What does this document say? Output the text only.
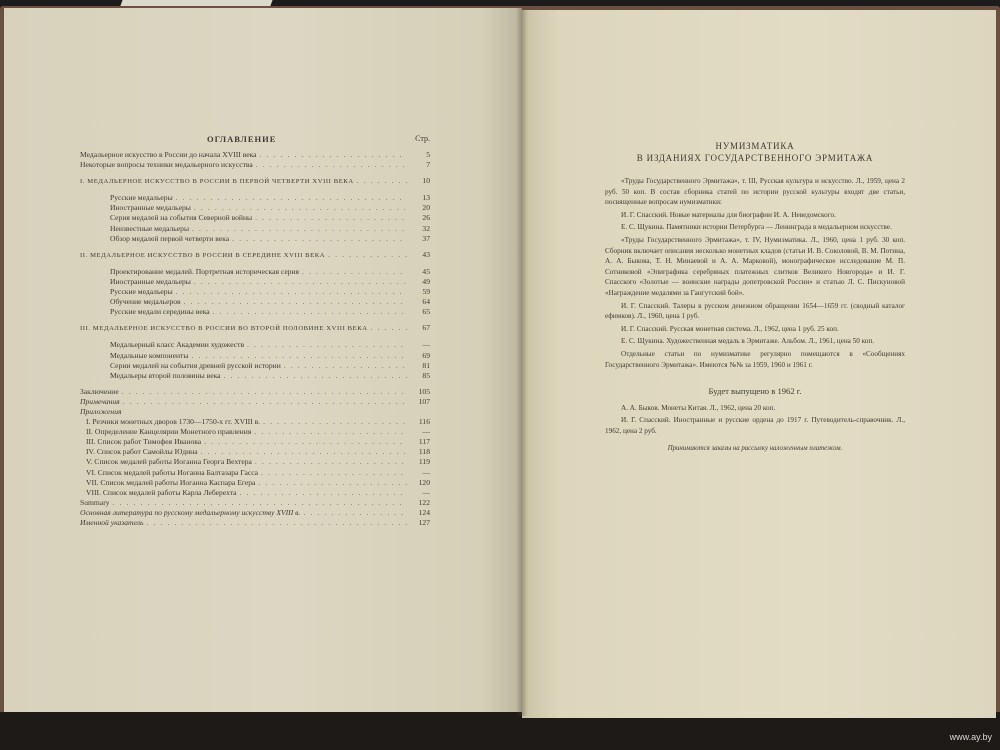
ОГЛАВЛЕНИЕ	Стр.
Медальерное искусство в России до начала XVIII века . . .	5
Некоторые вопросы техники медальерного искусства . . .	7
I. МЕДАЛЬЕРНОЕ ИСКУССТВО В РОССИИ В ПЕРВОЙ ЧЕТВЕРТИ XVIII ВЕКА . . .	10
Русские медальеры . . .	13
Иностранные медальеры . . .	20
Серия медалей на события Северной войны . . .	26
Неизвестные медальеры . . .	32
Обзор медалей первой четверти века . . .	37
II. МЕДАЛЬЕРНОЕ ИСКУССТВО В РОССИИ В СЕРЕДИНЕ XVIII ВЕКА . . .	43
Проектирование медалей. Портретная историческая серия . . .	45
Иностранные медальеры . . .	49
Русские медальеры . . .	59
Обучение медальеров . . .	64
Русские медали середины века . . .	65
III. МЕДАЛЬЕРНОЕ ИСКУССТВО В РОССИИ ВО ВТОРОЙ ПОЛОВИНЕ XVIII ВЕКА . . .	67
Медальерный класс Академии художеств . . .	—
Медальные компоненты . . .	69
Серии медалей на события древней русской истории . . .	81
Медальеры второй половины века . . .	85
Заключение . . .	105
Примечания . . .	107
Приложения
I. Резчики монетных дворов 1730—1750-х гг. XVIII в. . . .	116
II. Определение Канцелярии Монетного правления . . .	—
III. Список работ Тимофея Иванова . . .	117
IV. Список работ Самойлы Юдина . . .	118
V. Список медалей работы Иоганна Георга Вехтера . . .	119
VI. Список медалей работы Иоганна Балтазара Гасса . . .	—
VII. Список медалей работы Иоганна Каспара Егера . . .	120
VIII. Список медалей работы Карла Леберехта . . .	—
Summary . . .	122
Основная литература по русскому медальерному искусству XVIII в. . . .	124
Именной указатель . . .	127
НУМИЗМАТИКА
В ИЗДАНИЯХ ГОСУДАРСТВЕННОГО ЭРМИТАЖА

«Труды Государственного Эрмитажа», т. III, Русская культура и искусство. Л., 1959, цена 2 руб. 50 коп. В состав сборника статей по истории русской культуры входят две статьи, посвященные вопросам нумизматики:

И. Г. Спасский. Новые материалы для биографии И. А. Неведомского.

Е. С. Щукина. Памятники истории Петербурга — Ленинграда в медальерном искусстве.

«Труды Государственного Эрмитажа», т. IV, Нумизматика. Л., 1960, цена 1 руб. 30 коп. Сборник включает описания несколько монетных кладов (статьи И. В. Соколовой, В. М. Потина, А. А. Быкова, Т. Н. Минаевой и А. А. Марковой), монографическое исследование М. П. Сотниковой «Эпиграфика серебряных платежных слитков Великого Новгорода» и И. Г. Спасского «Золотые — воинские награды допетровской России» и статью Л. С. Пискуновой «Награждение медалями за Гангутский бой».

И. Г. Спасский. Талеры в русском денежном обращении 1654—1659 гг. (сводный каталог ефимков). Л., 1960, цена 1 руб.

И. Г. Спасский. Русская монетная система. Л., 1962, цена 1 руб. 25 коп.

Е. С. Щукина. Художественная медаль в Эрмитаже. Альбом. Л., 1961, цена 50 коп.

Отдельные статьи по нумизматике регулярно помещаются в «Сообщениях Государственного Эрмитажа». Имеются №№ за 1959, 1960 и 1961 г.

Будет выпущено в 1962 г.

А. А. Быков. Монеты Китая. Л., 1962, цена 20 коп.

И. Г. Спасский. Иностранные и русские ордена до 1917 г. Путеводитель-справочник. Л., 1962, цена 2 руб.

Принимаются заказы на рассылку наложенным платежом.
www.ay.by
